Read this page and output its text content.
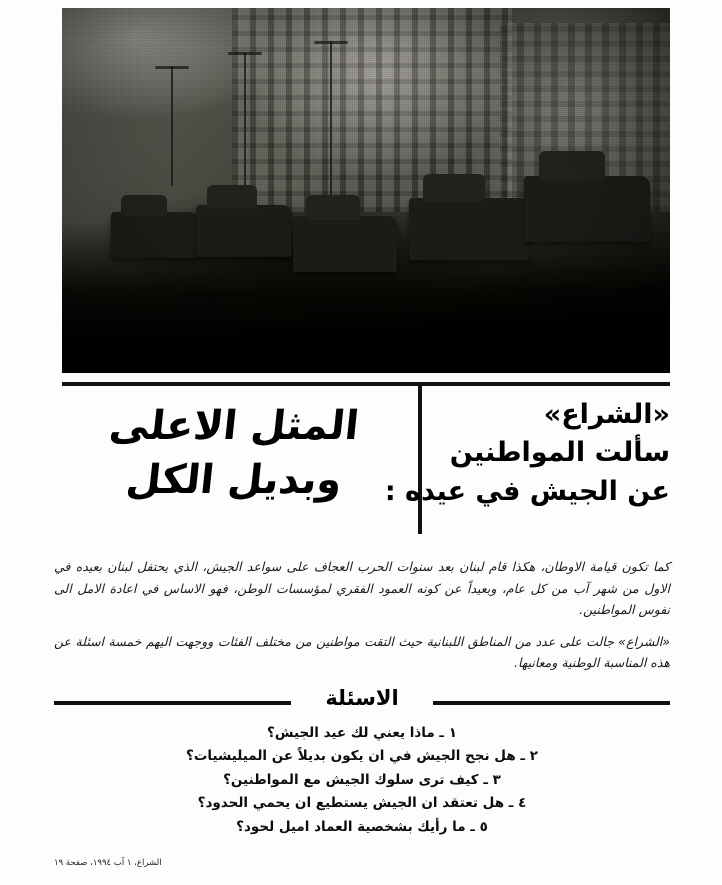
«الشراع»
سألت المواطنين
عن الجيش في عيده :
المثل الاعلى
وبديل الكل

كما تكون قيامة الاوطان، هكذا قام لبنان بعد سنوات الحرب العجاف على سواعد الجيش، الذي يحتفل لبنان بعيده في الاول من شهر آب من كل عام، وبعيداً عن كونه العمود الفقري لمؤسسات الوطن، فهو الاساس في اعادة الامل الى نفوس المواطنين.

«الشراع» جالت على عدد من المناطق اللبنانية حيث التقت مواطنين من مختلف الفئات ووجهت اليهم خمسة اسئلة عن هذه المناسبة الوطنية ومعانيها.

الاسئلة
١ ـ ماذا يعني لك عيد الجيش؟
٢ ـ هل نجح الجيش في ان يكون بديلاً عن الميليشيات؟
٣ ـ كيف ترى سلوك الجيش مع المواطنين؟
٤ ـ هل تعتقد ان الجيش يستطيع ان يحمي الحدود؟
٥ ـ ما رأيك بشخصية العماد اميل لحود؟
الشراع، ١ آب ١٩٩٤، صفحة ١٩
